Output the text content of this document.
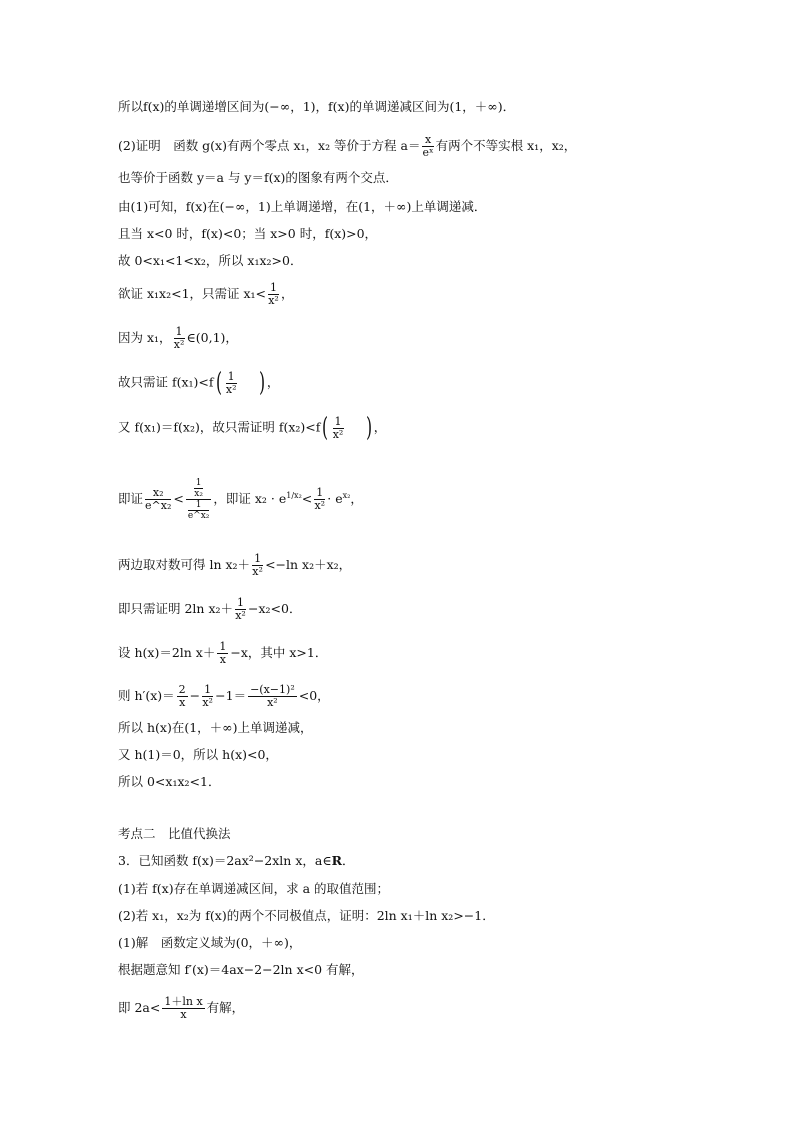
所以f(x)的单调递增区间为(−∞，1)，f(x)的单调递减区间为(1，＋∞)．
(2)证明　函数 g(x)有两个零点 x₁，x₂ 等价于方程 $a= \frac{x}{\text{eˣ}}$ 有两个不等实根 x₁，x₂，
也等价于函数 y＝a 与 y＝f(x)的图象有两个交点．
由(1)可知，f(x)在(−∞，1)上单调递增，在(1，＋∞)上单调递减．
且当 x<0 时，f(x)<0；当 x>0 时，f(x)>0，
故 0<x₁<1<x₂，所以 x₁x₂>0．
欲证 x₁x₂<1，只需证 $x_1< \frac{1}{\text{x²}}$ ，
因为 x₁， $\frac{1}{\text{x²}}$ ∈(0,1)，
故只需证 $f(x_1)<f( \frac{1}{\text{x²}}$ ) ，
又 f(x₁)＝f(x₂)，故只需证明 $f(x_2)<f( \frac{1}{\text{x²}}$ ) ，
即证 $\frac{\text{x₂}}{\text{e\textasciicircum{}x₂}} < \frac{\frac{1}{\text{x₂}}}{\frac{1}{\text{e\textasciicircum{}x₂}}}$ ，即证 $x_2 \cdot e^{1/x_2}< \frac{1}{\text{x²}} \cdot e^{x_2}$，
两边取对数可得 $\ln x_2+ \frac{1}{\text{x²}} <-\ln$ x₂＋x₂，
即只需证明 2ln $x_2+ \frac{1}{\text{x²}} -x_2<0$．
设 h(x)＝2ln $x+ \frac{1}{x} -x$，其中 x>1．
则 $h'(x)= \frac{2}{x} - \frac{1}{\text{x²}} -1= \frac{\text{−(x−1)²}}{\text{x²}} <0$，
所以 h(x)在(1，＋∞)上单调递减，
又 h(1)＝0，所以 h(x)<0，
所以 0<x₁x₂<1．
考点二　比值代换法
3．已知函数 f(x)＝2ax²−2xln x，a∈R．
(1)若 f(x)存在单调递减区间，求 a 的取值范围；
(2)若 x₁，x₂为 f(x)的两个不同极值点，证明：2ln x₁＋ln x₂>−1．
(1)解　函数定义域为(0，＋∞)，
根据题意知 f′(x)＝4ax−2−2ln x<0 有解，
即 $2a< \frac{\text{1＋ln x}}{x}$ 有解，
